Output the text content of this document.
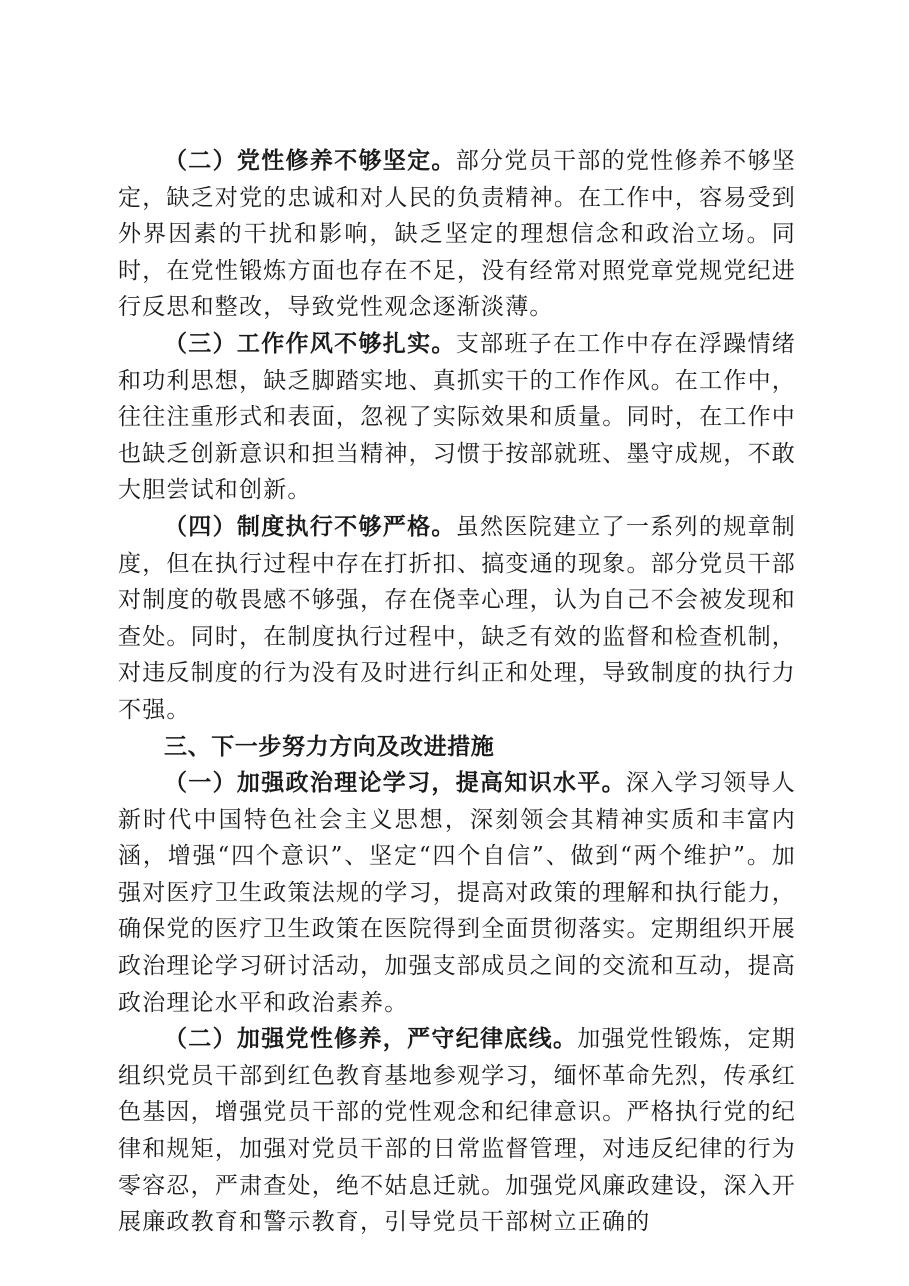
（二）党性修养不够坚定。部分党员干部的党性修养不够坚定，缺乏对党的忠诚和对人民的负责精神。在工作中，容易受到外界因素的干扰和影响，缺乏坚定的理想信念和政治立场。同时，在党性锻炼方面也存在不足，没有经常对照党章党规党纪进行反思和整改，导致党性观念逐渐淡薄。

（三）工作作风不够扎实。支部班子在工作中存在浮躁情绪和功利思想，缺乏脚踏实地、真抓实干的工作作风。在工作中，往往注重形式和表面，忽视了实际效果和质量。同时，在工作中也缺乏创新意识和担当精神，习惯于按部就班、墨守成规，不敢大胆尝试和创新。

（四）制度执行不够严格。虽然医院建立了一系列的规章制度，但在执行过程中存在打折扣、搞变通的现象。部分党员干部对制度的敬畏感不够强，存在侥幸心理，认为自己不会被发现和查处。同时，在制度执行过程中，缺乏有效的监督和检查机制，对违反制度的行为没有及时进行纠正和处理，导致制度的执行力不强。

三、下一步努力方向及改进措施

（一）加强政治理论学习，提高知识水平。深入学习领导人新时代中国特色社会主义思想，深刻领会其精神实质和丰富内涵，增强“四个意识”、坚定“四个自信”、做到“两个维护”。加强对医疗卫生政策法规的学习，提高对政策的理解和执行能力，确保党的医疗卫生政策在医院得到全面贯彻落实。定期组织开展政治理论学习研讨活动，加强支部成员之间的交流和互动，提高政治理论水平和政治素养。

（二）加强党性修养，严守纪律底线。加强党性锻炼，定期组织党员干部到红色教育基地参观学习，缅怀革命先烈，传承红色基因，增强党员干部的党性观念和纪律意识。严格执行党的纪律和规矩，加强对党员干部的日常监督管理，对违反纪律的行为零容忍，严肃查处，绝不姑息迁就。加强党风廉政建设，深入开展廉政教育和警示教育，引导党员干部树立正确的
